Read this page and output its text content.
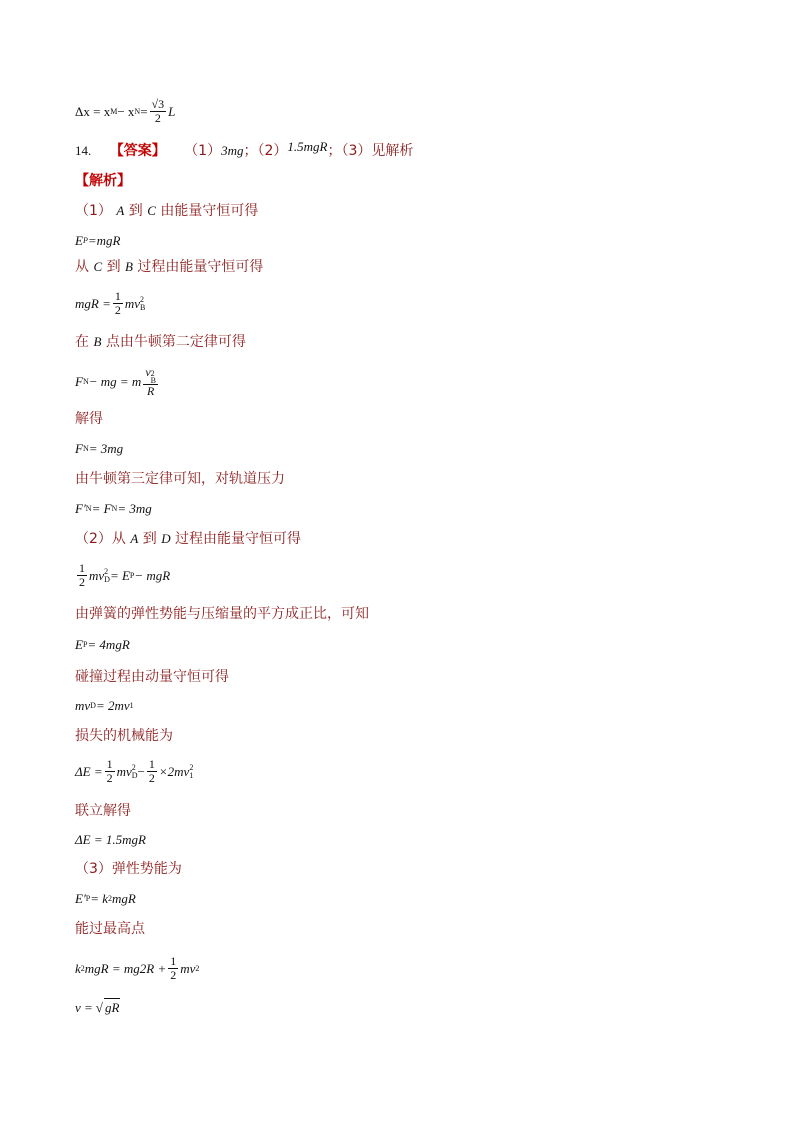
Δx = x M − x $N = \frac{√3}{2}$ L
14. 【答案】 （1）3mg；（2）1.5mgR；（3）见解析
【解析】
（1） A 到 C 由能量守恒可得
E P =mgR
从 C 到 B 过程由能量守恒可得
mgR = $\frac{1}{2}$ mv 2
B
在 B 点由牛顿第二定律可得
F N − mg = m v 2
B
R
解得
F N = 3mg
由牛顿第三定律可知，对轨道压力
F′ N = F N = 3mg
（2）从 A 到 D 过程由能量守恒可得
$\frac{1}{2}$ mv 2
D = E P − mgR
由弹簧的弹性势能与压缩量的平方成正比，可知
E P = 4mgR
碰撞过程由动量守恒可得
mv D = 2mv 1
损失的机械能为
$\Delta E = \frac{1}{2}$ mv 2
$D - \frac{1}{2} \times 2mv$ 2
1
联立解得
ΔE = 1.5mgR
（3）弹性势能为
E′ P = k 2 mgR
能过最高点
k 2 mgR = $mg2R + \frac{1}{2}$ mv 2
v = √ gR
